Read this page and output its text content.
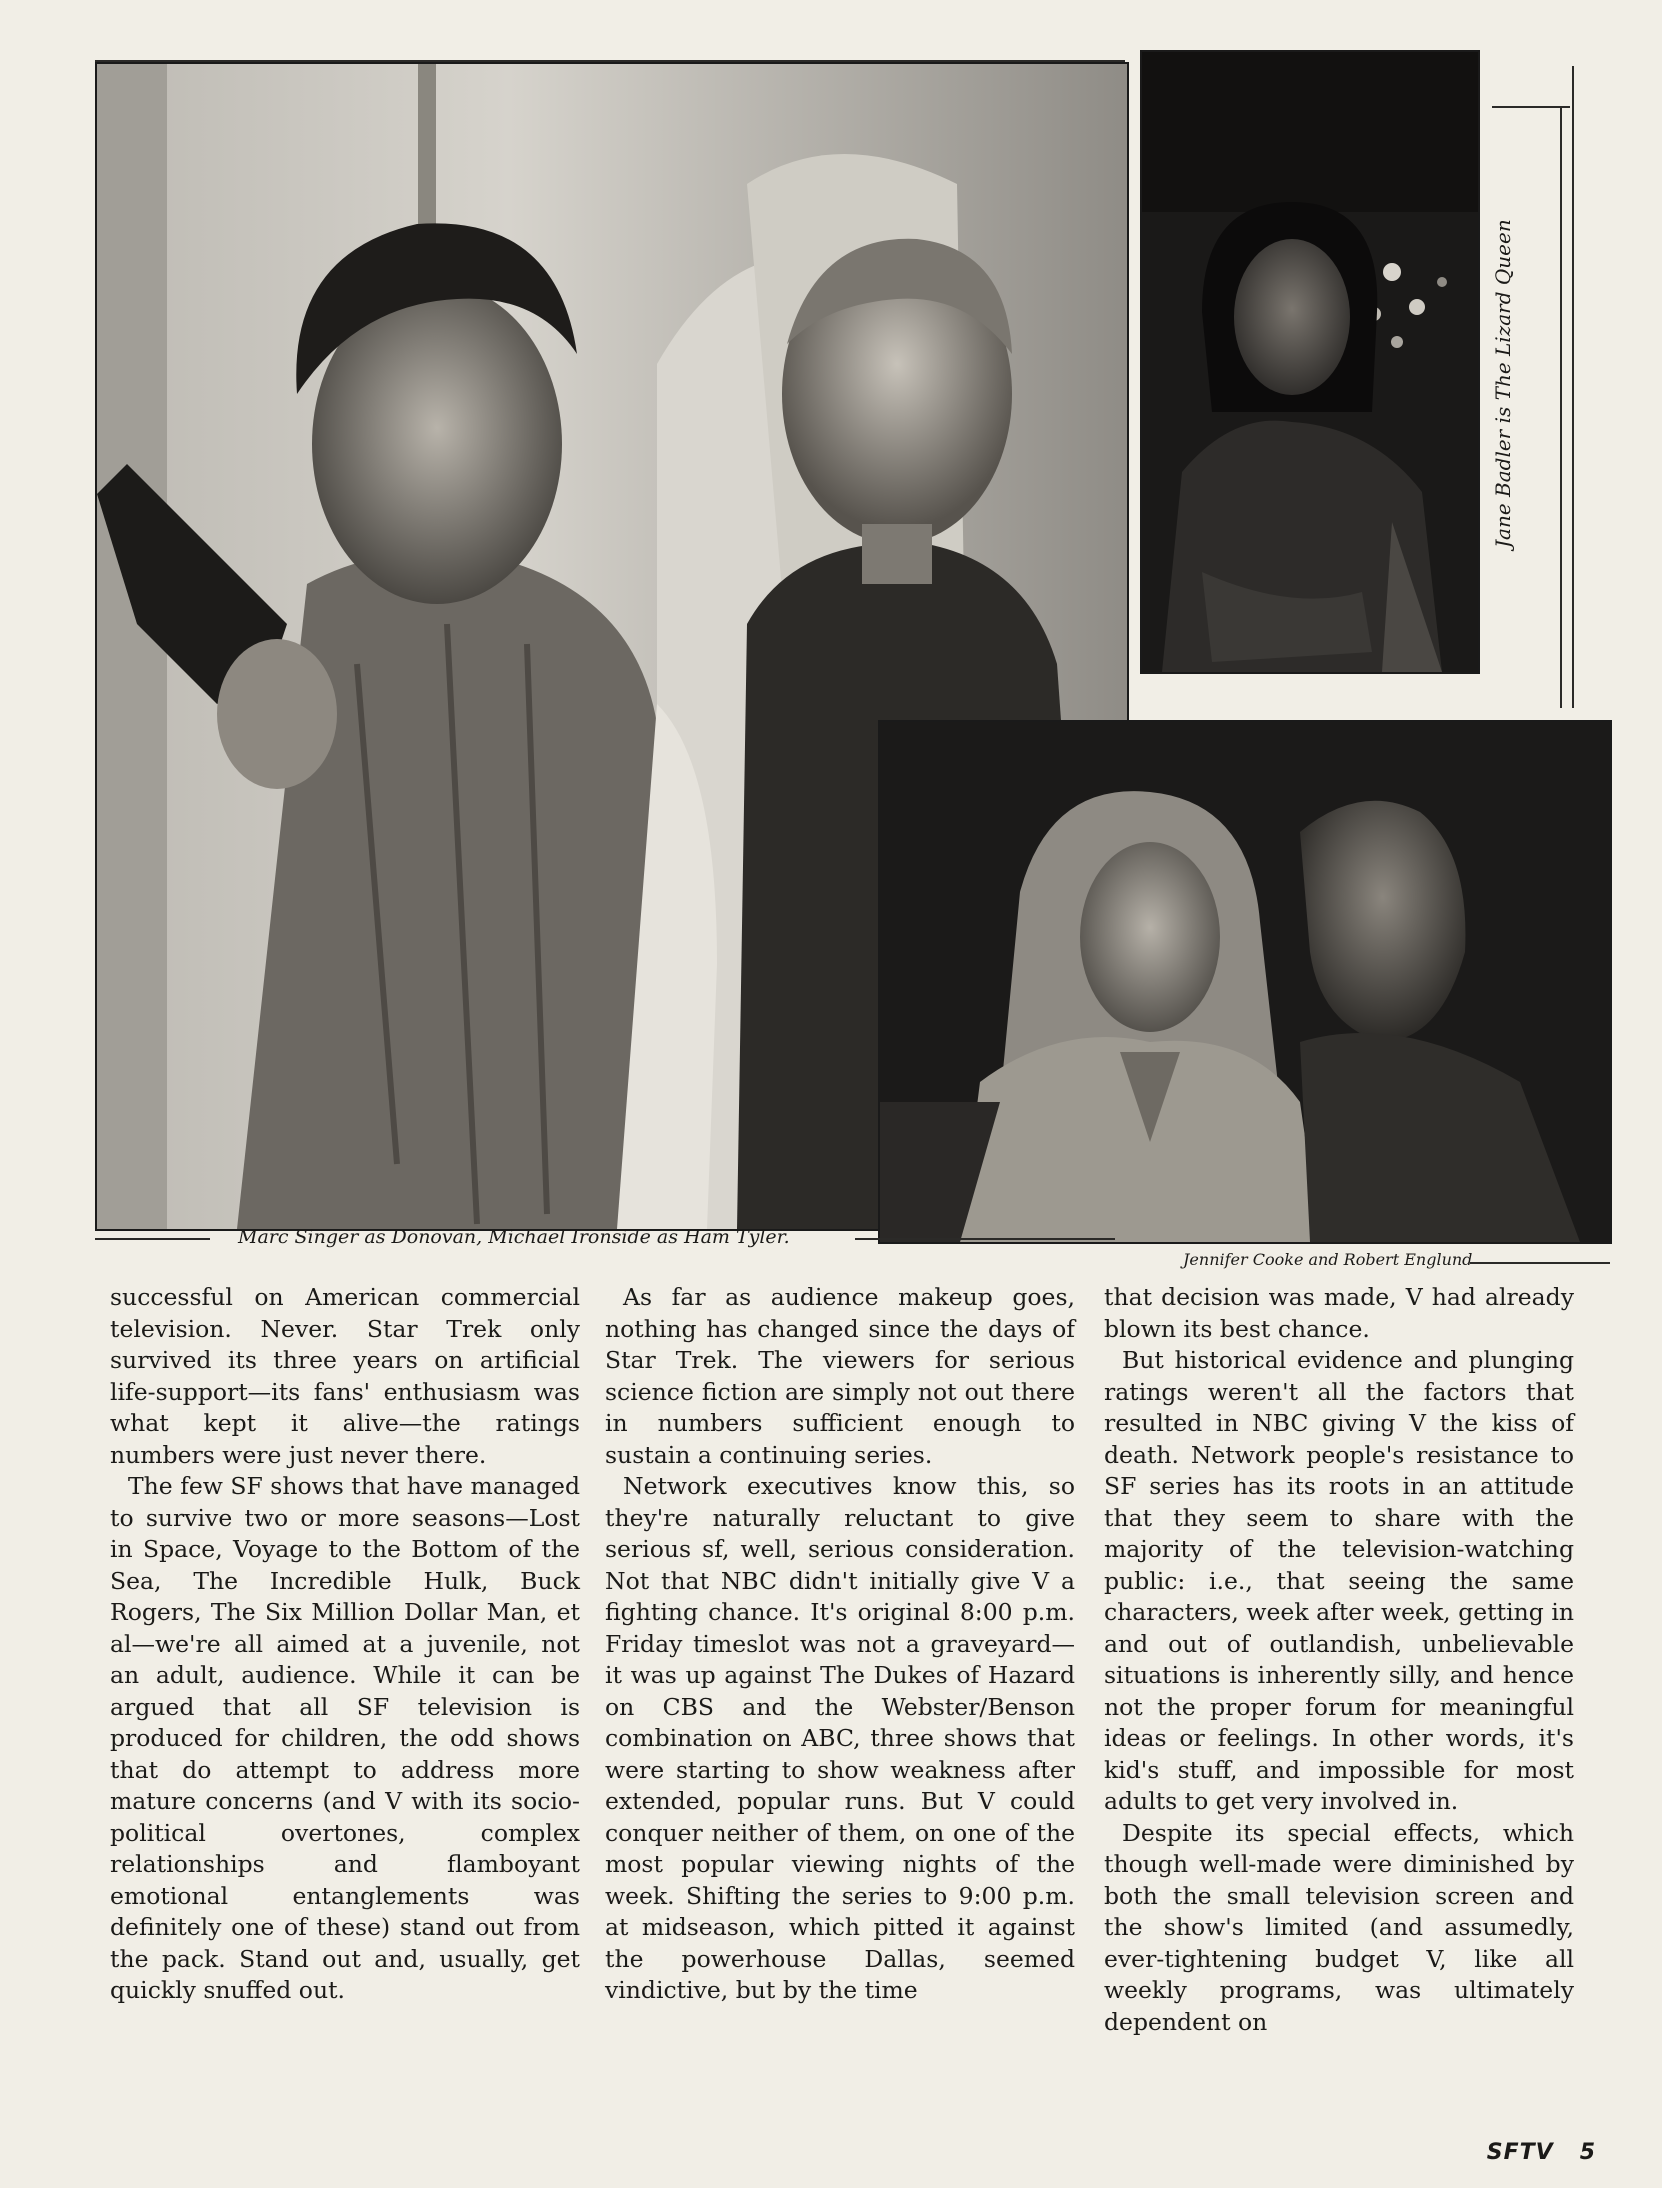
Marc Singer as Donovan, Michael Ironside as Ham Tyler.
Jennifer Cooke and Robert Englund
Jane Badler is The Lizard Queen

successful on American commercial television. Never. Star Trek only survived its three years on artificial life-support—its fans' enthusiasm was what kept it alive—the ratings numbers were just never there.

The few SF shows that have managed to survive two or more seasons—Lost in Space, Voyage to the Bottom of the Sea, The Incredible Hulk, Buck Rogers, The Six Million Dollar Man, et al—we're all aimed at a juvenile, not an adult, audience. While it can be argued that all SF television is produced for children, the odd shows that do attempt to address more mature concerns (and V with its socio-political overtones, complex relationships and flamboyant emotional entanglements was definitely one of these) stand out from the pack. Stand out and, usually, get quickly snuffed out.

As far as audience makeup goes, nothing has changed since the days of Star Trek. The viewers for serious science fiction are simply not out there in numbers sufficient enough to sustain a continuing series.

Network executives know this, so they're naturally reluctant to give serious sf, well, serious consideration. Not that NBC didn't initially give V a fighting chance. It's original 8:00 p.m. Friday timeslot was not a graveyard—it was up against The Dukes of Hazard on CBS and the Webster/Benson combination on ABC, three shows that were starting to show weakness after extended, popular runs. But V could conquer neither of them, on one of the most popular viewing nights of the week. Shifting the series to 9:00 p.m. at midseason, which pitted it against the powerhouse Dallas, seemed vindictive, but by the time

that decision was made, V had already blown its best chance.

But historical evidence and plunging ratings weren't all the factors that resulted in NBC giving V the kiss of death. Network people's resistance to SF series has its roots in an attitude that they seem to share with the majority of the television-watching public: i.e., that seeing the same characters, week after week, getting in and out of outlandish, unbelievable situations is inherently silly, and hence not the proper forum for meaningful ideas or feelings. In other words, it's kid's stuff, and impossible for most adults to get very involved in.

Despite its special effects, which though well-made were diminished by both the small television screen and the show's limited (and assumedly, ever-tightening budget V, like all weekly programs, was ultimately dependent on

SFTV 5
